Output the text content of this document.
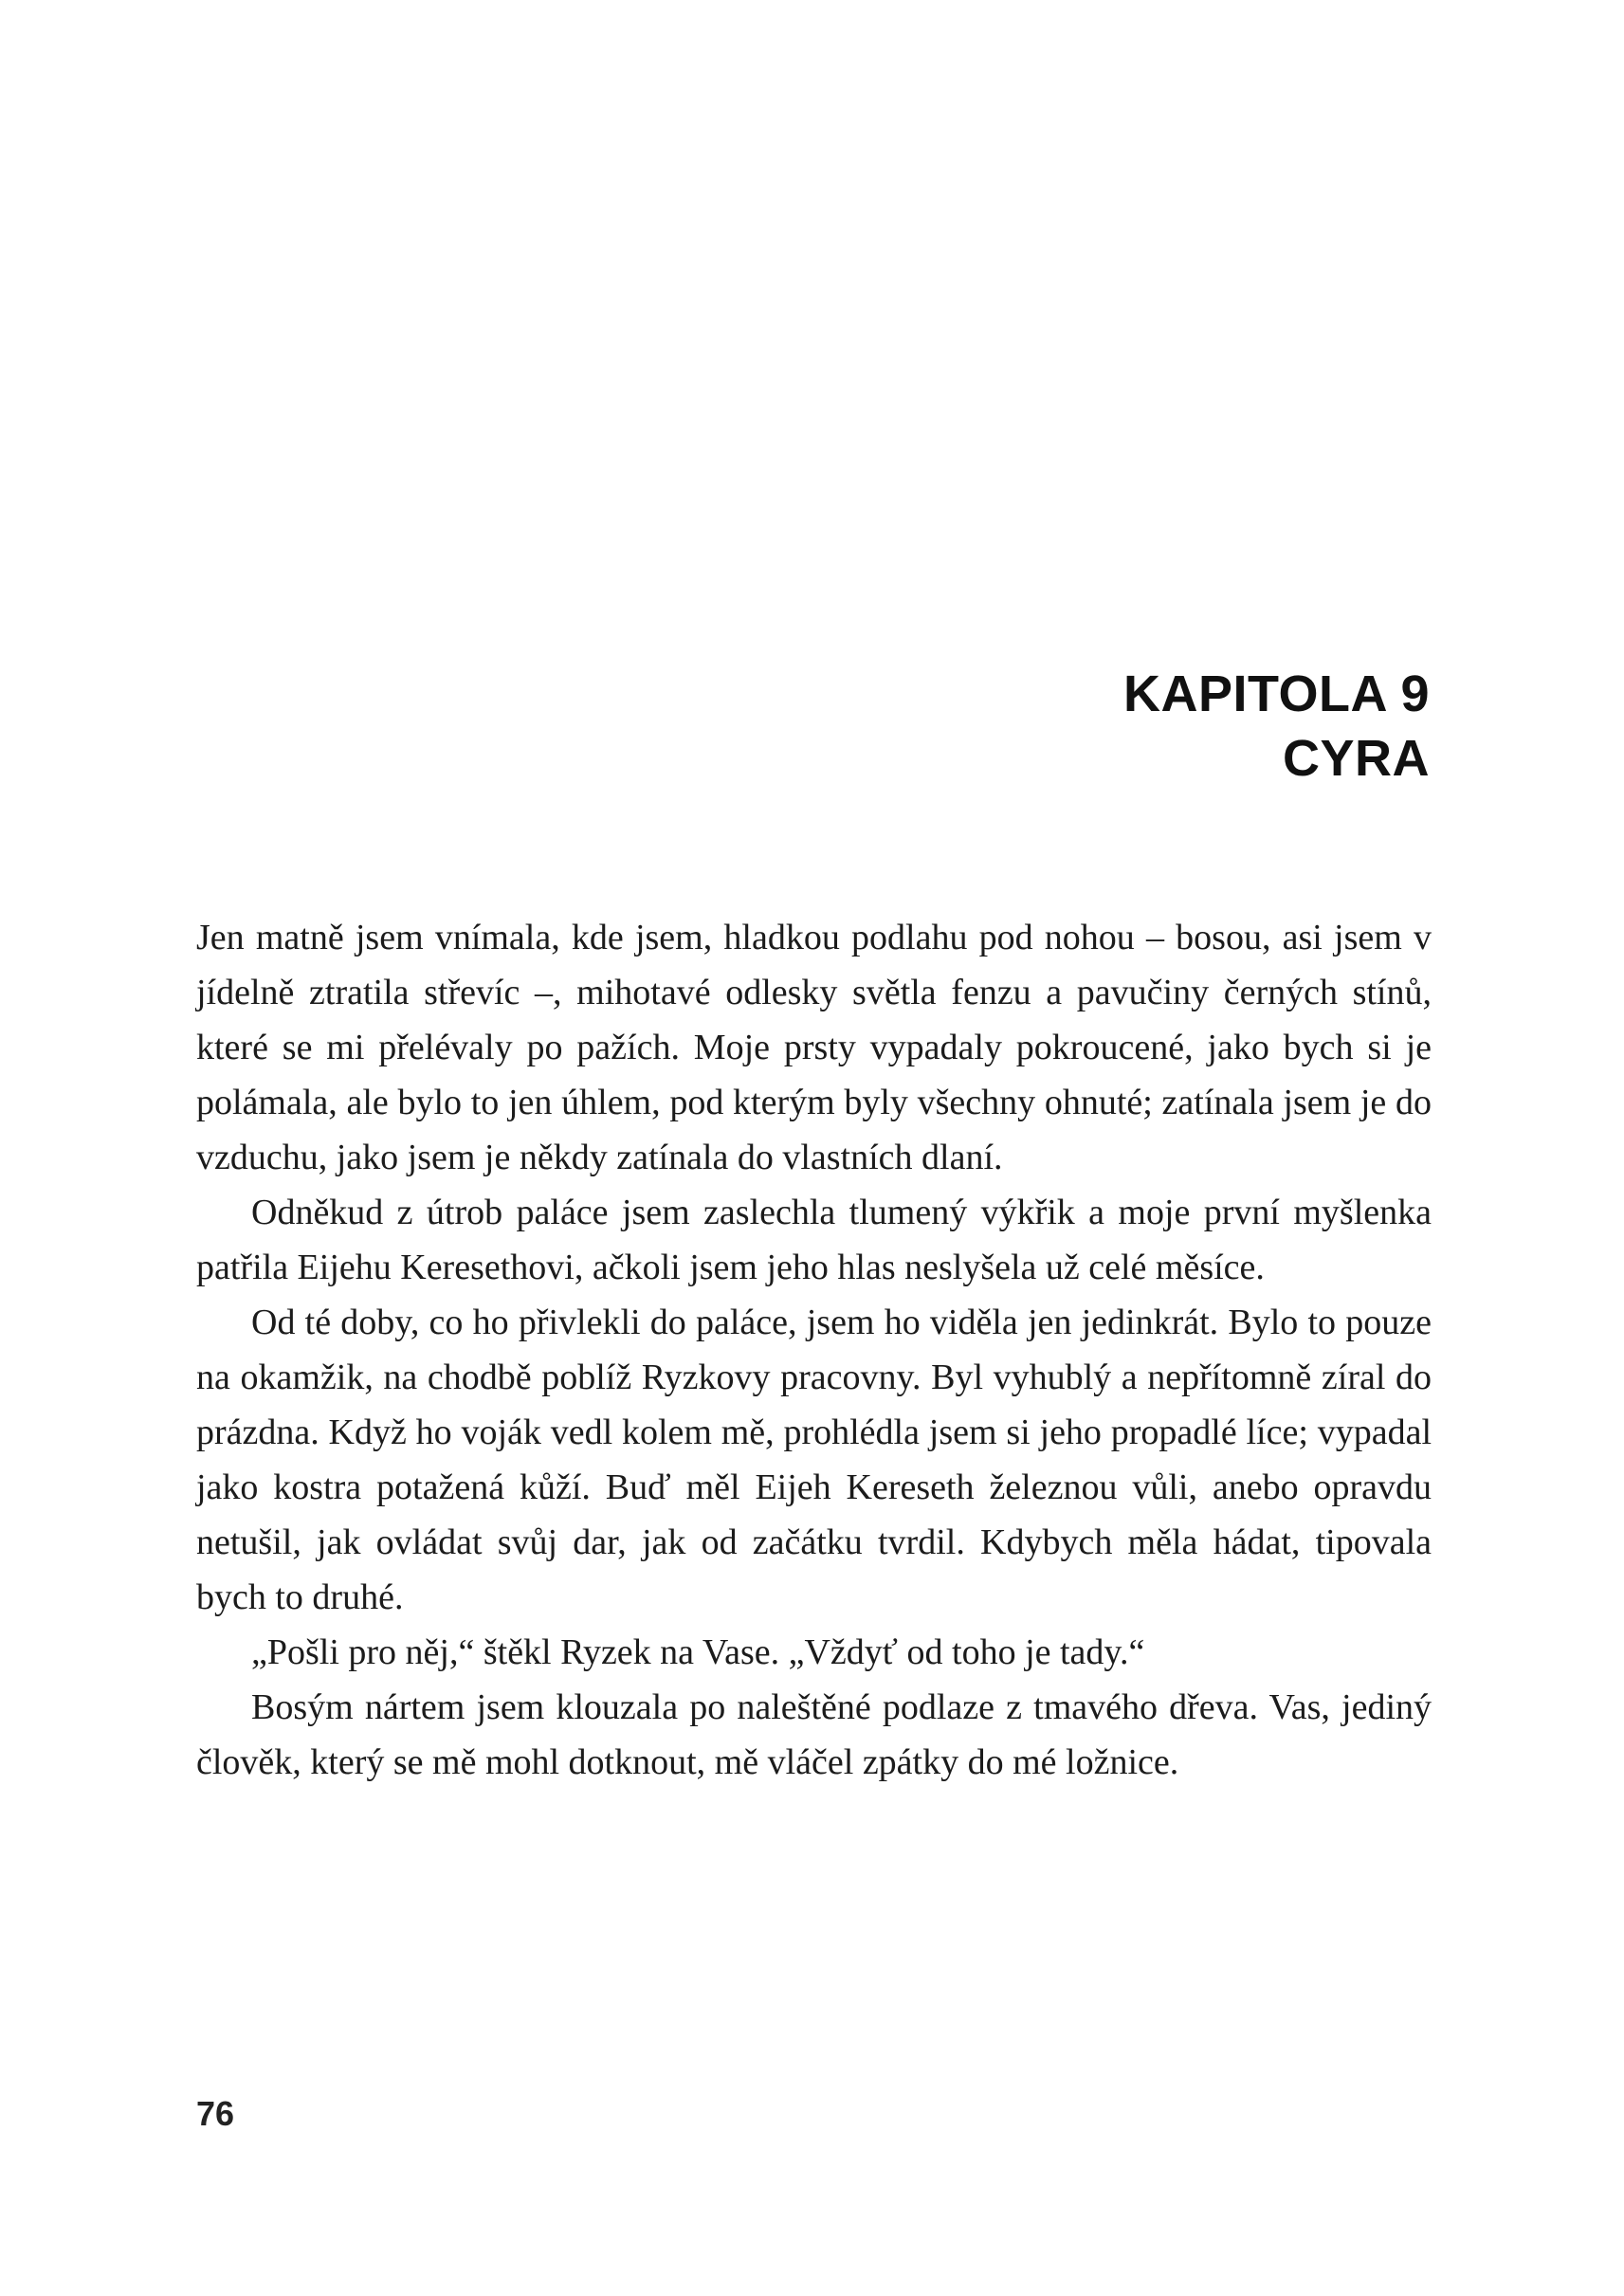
KAPITOLA 9
CYRA

Jen matně jsem vnímala, kde jsem, hladkou podlahu pod nohou – bosou, asi jsem v jídelně ztratila střevíc –, mihotavé odlesky světla fenzu a pavučiny černých stínů, které se mi přelévaly po pažích. Moje prsty vypadaly pokroucené, jako bych si je polámala, ale bylo to jen úhlem, pod kterým byly všechny ohnuté; zatínala jsem je do vzduchu, jako jsem je někdy zatínala do vlastních dlaní.

Odněkud z útrob paláce jsem zaslechla tlumený výkřik a moje první myšlenka patřila Eijehu Keresethovi, ačkoli jsem jeho hlas neslyšela už celé měsíce.

Od té doby, co ho přivlekli do paláce, jsem ho viděla jen jedinkrát. Bylo to pouze na okamžik, na chodbě poblíž Ryzkovy pracovny. Byl vyhublý a nepřítomně zíral do prázdna. Když ho voják vedl kolem mě, prohlédla jsem si jeho propadlé líce; vypadal jako kostra potažená kůží. Buď měl Eijeh Kereseth železnou vůli, anebo opravdu netušil, jak ovládat svůj dar, jak od začátku tvrdil. Kdybych měla hádat, tipovala bych to druhé.

„Pošli pro něj,“ štěkl Ryzek na Vase. „Vždyť od toho je tady.“

Bosým nártem jsem klouzala po naleštěné podlaze z tmavého dřeva. Vas, jediný člověk, který se mě mohl dotknout, mě vláčel zpátky do mé ložnice.

76
